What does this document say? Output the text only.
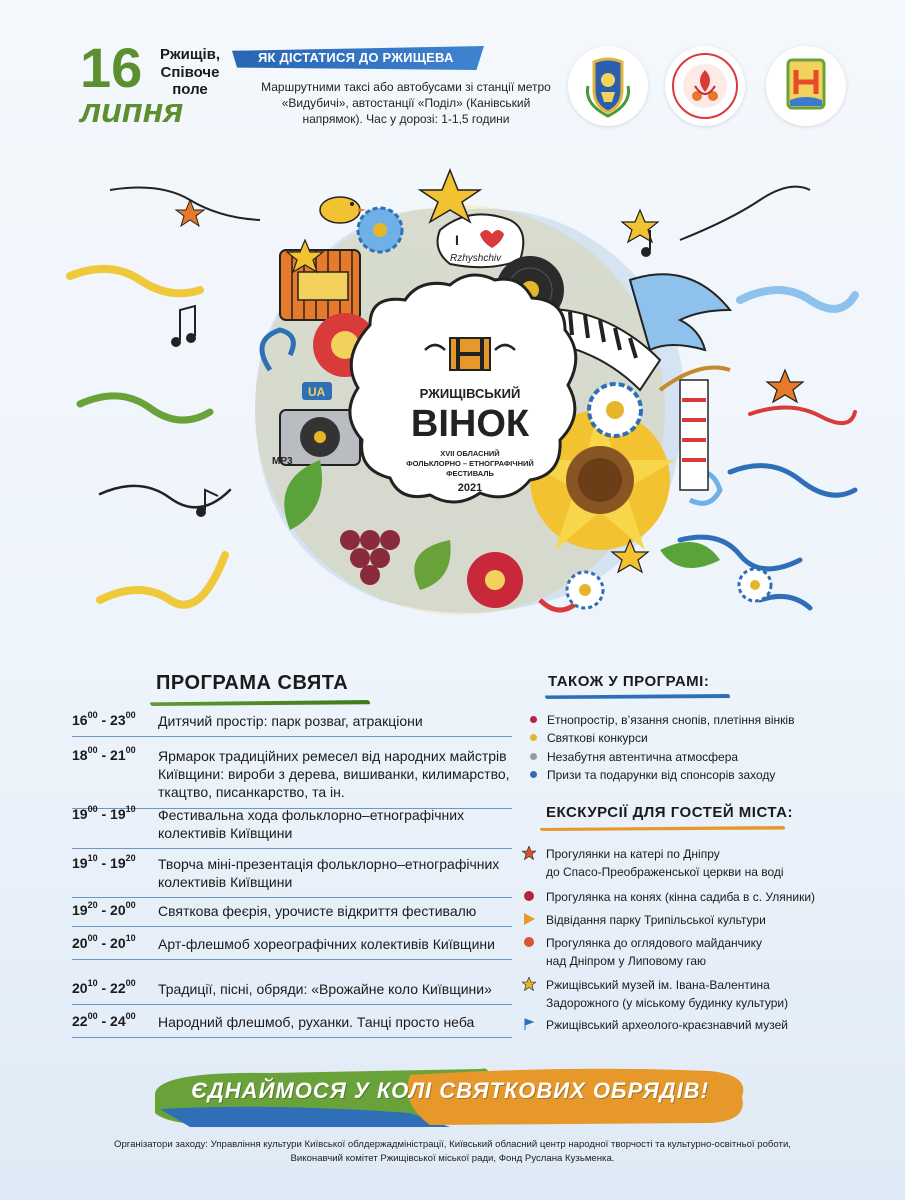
16
липня
Ржищів, Співоче поле
ЯК ДІСТАТИСЯ ДО РЖИЩЕВА
Маршрутними таксі або автобусами зі станції метро «Видубичі», автостанції «Поділ» (Канівський напрямок). Час у дорозі: 1-1,5 години
I
Rzhyshchiv
MP3
UA	РЖИЩІВСЬКИЙ
ВІНОК
XVII ОБЛАСНИЙ
ФОЛЬКЛОРНО – ЕТНОГРАФІЧНИЙ
ФЕСТИВАЛЬ
2021
ПРОГРАМА СВЯТА
$16^{00} - 23^{00}$	Дитячий простір: парк розваг, атракціони
$18^{00} - 21^{00}$	Ярмарок традиційних ремесел від народних майстрів Київщини: вироби з дерева, вишиванки, килимарство, ткацтво, писанкарство, та ін.
$19^{00} - 19^{10}$	Фестивальна хода фольклорно–етнографічних колективів Київщини
$19^{10} - 19^{20}$	Творча міні-презентація фольклорно–етнографічних колективів Київщини
$19^{20} - 20^{00}$	Святкова феєрія, урочисте відкриття фестивалю
$20^{00} - 20^{10}$	Арт-флешмоб хореографічних колективів Київщини
$20^{10} - 22^{00}$	Традиції, пісні, обряди: «Врожайне коло Київщини»
$22^{00} - 24^{00}$	Народний флешмоб, руханки. Танці просто неба
ТАКОЖ У ПРОГРАМІ:
Етнопростір, в’язання снопів, плетіння вінків
Святкові конкурси
Незабутня автентична атмосфера
Призи та подарунки від спонсорів заходу
ЕКСКУРСІЇ ДЛЯ ГОСТЕЙ МІСТА:
Прогулянки на катері по Дніпру
до Спасо-Преображенської церкви на воді
Прогулянка на конях (кінна садиба в с. Уляники)
Відвідання парку Трипільської культури
Прогулянка до оглядового майданчику
над Дніпром у Липовому гаю
Ржищівський музей ім. Івана-Валентина
Задорожного (у міському будинку культури)
Ржищівський археолого-краєзнавчий музей
ЄДНАЙМОСЯ У КОЛІ СВЯТКОВИХ ОБРЯДІВ!
Організатори заходу: Управління культури Київської облдержадміністрації, Київський обласний центр народної творчості та культурно-освітньої роботи,
Виконавчий комітет Ржищівської міської ради, Фонд Руслана Кузьменка.
